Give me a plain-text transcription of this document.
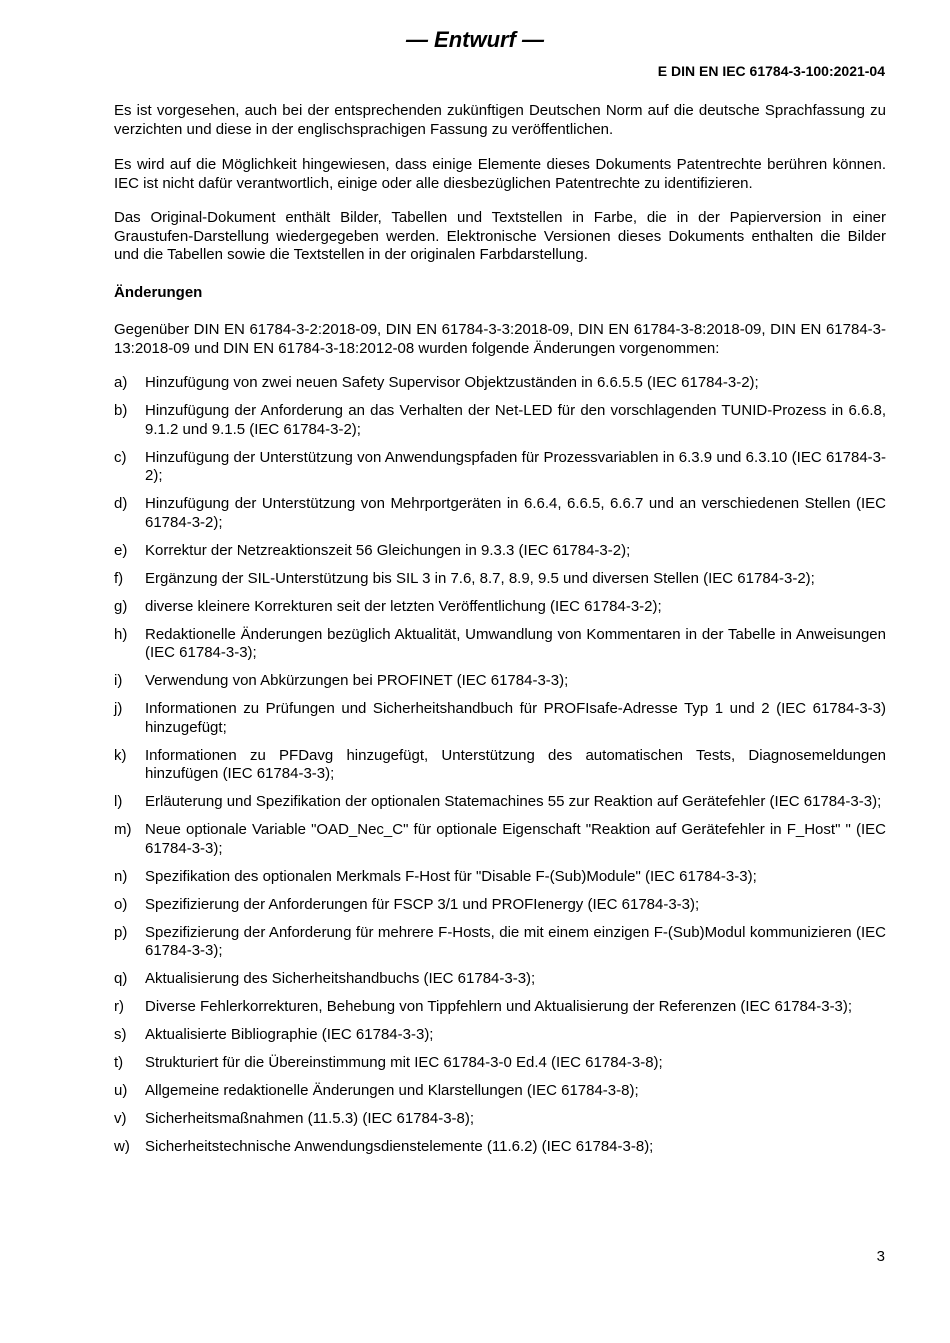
— Entwurf —
E DIN EN IEC 61784-3-100:2021-04

Es ist vorgesehen, auch bei der entsprechenden zukünftigen Deutschen Norm auf die deutsche Sprachfassung zu verzichten und diese in der englischsprachigen Fassung zu veröffentlichen.

Es wird auf die Möglichkeit hingewiesen, dass einige Elemente dieses Dokuments Patentrechte berühren können. IEC ist nicht dafür verantwortlich, einige oder alle diesbezüglichen Patentrechte zu identifizieren.

Das Original-Dokument enthält Bilder, Tabellen und Textstellen in Farbe, die in der Papierversion in einer Graustufen-Darstellung wiedergegeben werden. Elektronische Versionen dieses Dokuments enthalten die Bilder und die Tabellen sowie die Textstellen in der originalen Farbdarstellung.

Änderungen

Gegenüber DIN EN 61784-3-2:2018-09, DIN EN 61784-3-3:2018-09, DIN EN 61784-3-8:2018-09, DIN EN 61784-3-13:2018-09 und DIN EN 61784-3-18:2012-08 wurden folgende Änderungen vorgenommen:

a) Hinzufügung von zwei neuen Safety Supervisor Objektzuständen in 6.6.5.5 (IEC 61784-3-2);
b) Hinzufügung der Anforderung an das Verhalten der Net-LED für den vorschlagenden TUNID-Prozess in 6.6.8, 9.1.2 und 9.1.5 (IEC 61784-3-2);
c) Hinzufügung der Unterstützung von Anwendungspfaden für Prozessvariablen in 6.3.9 und 6.3.10 (IEC 61784-3-2);
d) Hinzufügung der Unterstützung von Mehrportgeräten in 6.6.4, 6.6.5, 6.6.7 und an verschiedenen Stellen (IEC 61784-3-2);
e) Korrektur der Netzreaktionszeit 56 Gleichungen in 9.3.3 (IEC 61784-3-2);
f) Ergänzung der SIL-Unterstützung bis SIL 3 in 7.6, 8.7, 8.9, 9.5 und diversen Stellen (IEC 61784-3-2);
g) diverse kleinere Korrekturen seit der letzten Veröffentlichung (IEC 61784-3-2);
h) Redaktionelle Änderungen bezüglich Aktualität, Umwandlung von Kommentaren in der Tabelle in Anweisungen (IEC 61784-3-3);
i) Verwendung von Abkürzungen bei PROFINET (IEC 61784-3-3);
j) Informationen zu Prüfungen und Sicherheitshandbuch für PROFIsafe-Adresse Typ 1 und 2 (IEC 61784-3-3) hinzugefügt;
k) Informationen zu PFDavg hinzugefügt, Unterstützung des automatischen Tests, Diagnosemeldungen hinzufügen (IEC 61784-3-3);
l) Erläuterung und Spezifikation der optionalen Statemachines 55 zur Reaktion auf Gerätefehler (IEC 61784-3-3);
m) Neue optionale Variable "OAD_Nec_C" für optionale Eigenschaft "Reaktion auf Gerätefehler in F_Host" " (IEC 61784-3-3);
n) Spezifikation des optionalen Merkmals F-Host für "Disable F-(Sub)Module" (IEC 61784-3-3);
o) Spezifizierung der Anforderungen für FSCP 3/1 und PROFIenergy (IEC 61784-3-3);
p) Spezifizierung der Anforderung für mehrere F-Hosts, die mit einem einzigen F-(Sub)Modul kommunizieren (IEC 61784-3-3);
q) Aktualisierung des Sicherheitshandbuchs (IEC 61784-3-3);
r) Diverse Fehlerkorrekturen, Behebung von Tippfehlern und Aktualisierung der Referenzen (IEC 61784-3-3);
s) Aktualisierte Bibliographie (IEC 61784-3-3);
t) Strukturiert für die Übereinstimmung mit IEC 61784-3-0 Ed.4 (IEC 61784-3-8);
u) Allgemeine redaktionelle Änderungen und Klarstellungen (IEC 61784-3-8);
v) Sicherheitsmaßnahmen (11.5.3) (IEC 61784-3-8);
w) Sicherheitstechnische Anwendungsdienstelemente (11.6.2) (IEC 61784-3-8);
3
